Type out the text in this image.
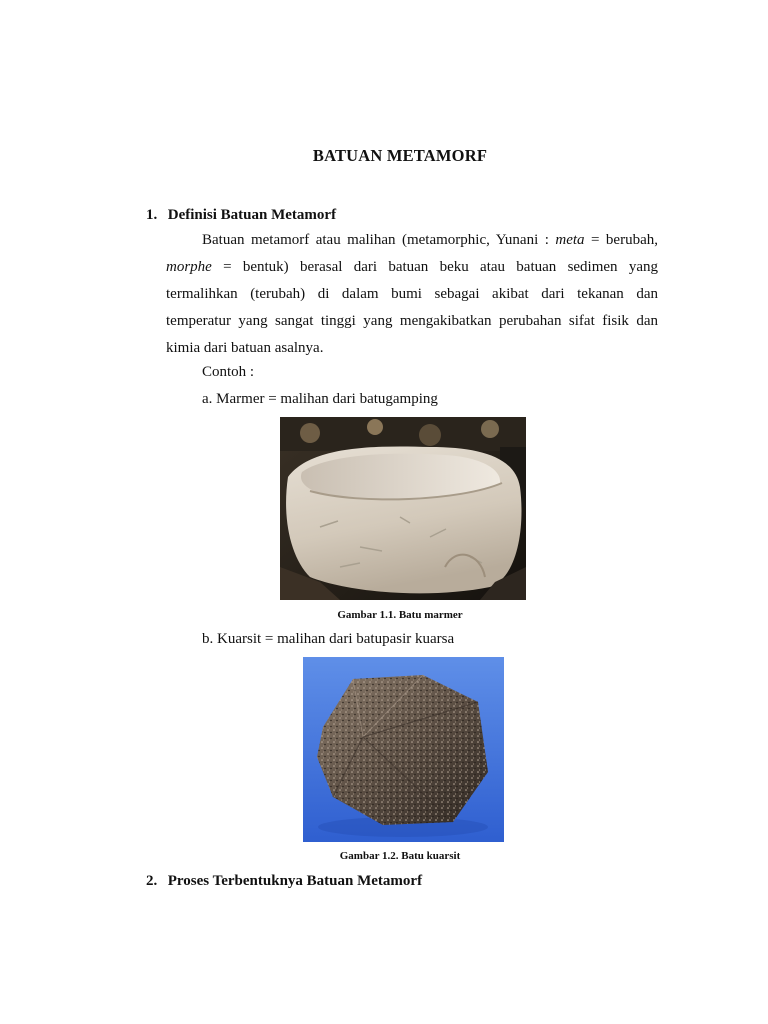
BATUAN METAMORF
1. Definisi Batuan Metamorf
Batuan metamorf atau malihan (metamorphic, Yunani : meta = berubah,
morphe = bentuk) berasal dari batuan beku atau batuan sedimen yang
termalihkan (terubah) di dalam bumi sebagai akibat dari tekanan dan
temperatur yang sangat tinggi yang mengakibatkan perubahan sifat fisik dan
kimia dari batuan asalnya.
Contoh :
a. Marmer = malihan dari batugamping
Gambar 1.1. Batu marmer
b. Kuarsit = malihan dari batupasir kuarsa
Gambar 1.2. Batu kuarsit
2. Proses Terbentuknya Batuan Metamorf
